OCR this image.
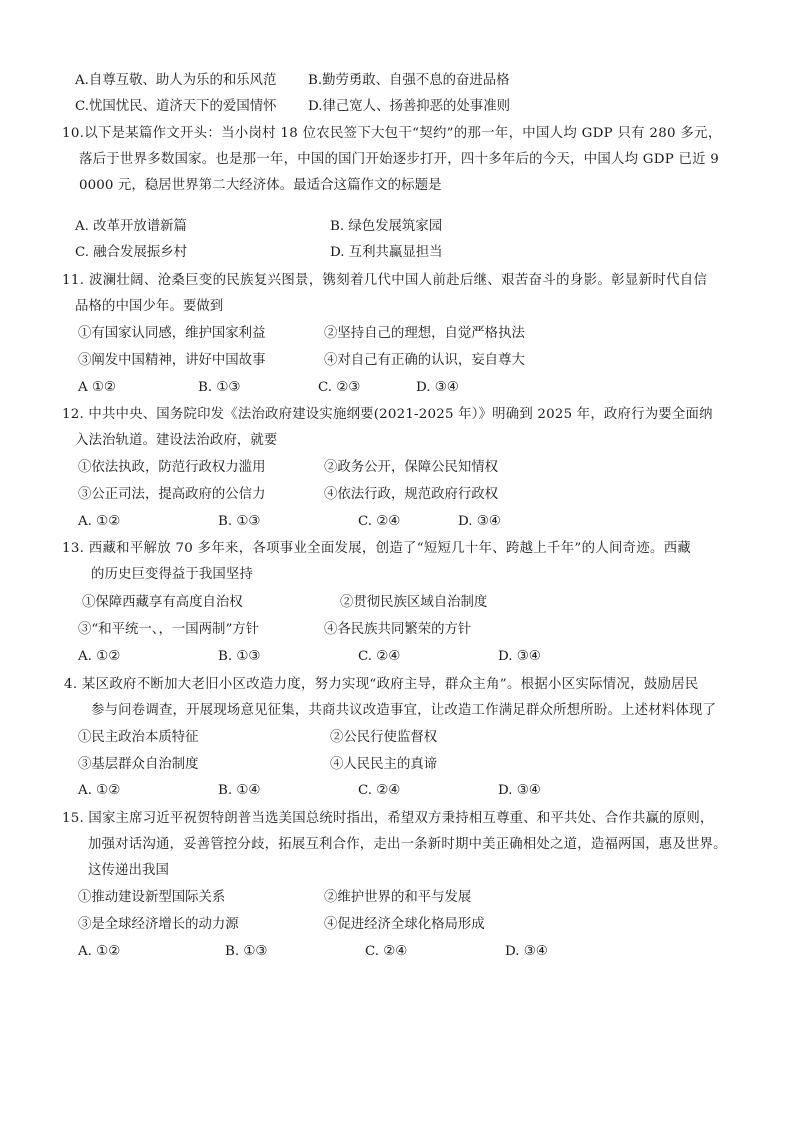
A.自尊互敬、助人为乐的和乐风范 B.勤劳勇敢、自强不息的奋进品格
C.忧国忧民、道济天下的爱国情怀 D.律己宽人、扬善抑恶的处事准则
10.以下是某篇作文开头：当小岗村 18 位农民签下大包干“契约”的那一年，中国人均 GDP 只有 280 多元，
落后于世界多数国家。也是那一年，中国的国门开始逐步打开，四十多年后的今天，中国人均 GDP 已近 9
0000 元，稳居世界第二大经济体。最适合这篇作文的标题是
A. 改革开放谱新篇	B. 绿色发展筑家园
C. 融合发展振乡村	D. 互利共赢显担当
11. 波澜壮阔、沧桑巨变的民族复兴图景，镌刻着几代中国人前赴后继、艰苦奋斗的身影。彰显新时代自信
品格的中国少年。要做到
①有国家认同感，维护国家利益	②坚持自己的理想，自觉严格执法
③阐发中国精神，讲好中国故事	④对自己有正确的认识，妄自尊大
A ①②	B. ①③	C. ②③	D. ③④
12. 中共中央、国务院印发《法治政府建设实施纲要(2021-2025 年）》明确到 2025 年，政府行为要全面纳
入法治轨道。建设法治政府，就要
①依法执政，防范行政权力滥用	②政务公开，保障公民知情权
③公正司法，提高政府的公信力	④依法行政，规范政府行政权
A. ①②	B. ①③	C. ②④	D. ③④
13. 西藏和平解放 70 多年来，各项事业全面发展，创造了“短短几十年、跨越上千年”的人间奇迹。西藏
的历史巨变得益于我国坚持
①保障西藏享有高度自治权	②贯彻民族区域自治制度
③“和平统一、，一国两制”方针	④各民族共同繁荣的方针
A. ①②	B. ①③	C. ②④	D. ③④
4. 某区政府不断加大老旧小区改造力度，努力实现“政府主导，群众主角”。根据小区实际情况，鼓励居民
参与问卷调查，开展现场意见征集，共商共议改造事宜，让改造工作满足群众所想所盼。上述材料体现了
①民主政治本质特征	②公民行使监督权
③基层群众自治制度	④人民民主的真谛
A. ①②	B. ①④	C. ②④	D. ③④
15. 国家主席习近平祝贺特朗普当选美国总统时指出，希望双方秉持相互尊重、和平共处、合作共赢的原则，
加强对话沟通，妥善管控分歧，拓展互利合作，走出一条新时期中美正确相处之道，造福两国，惠及世界。
这传递出我国
①推动建设新型国际关系	②维护世界的和平与发展
③是全球经济增长的动力源	④促进经济全球化格局形成
A. ①②	B. ①③	C. ②④	D. ③④
